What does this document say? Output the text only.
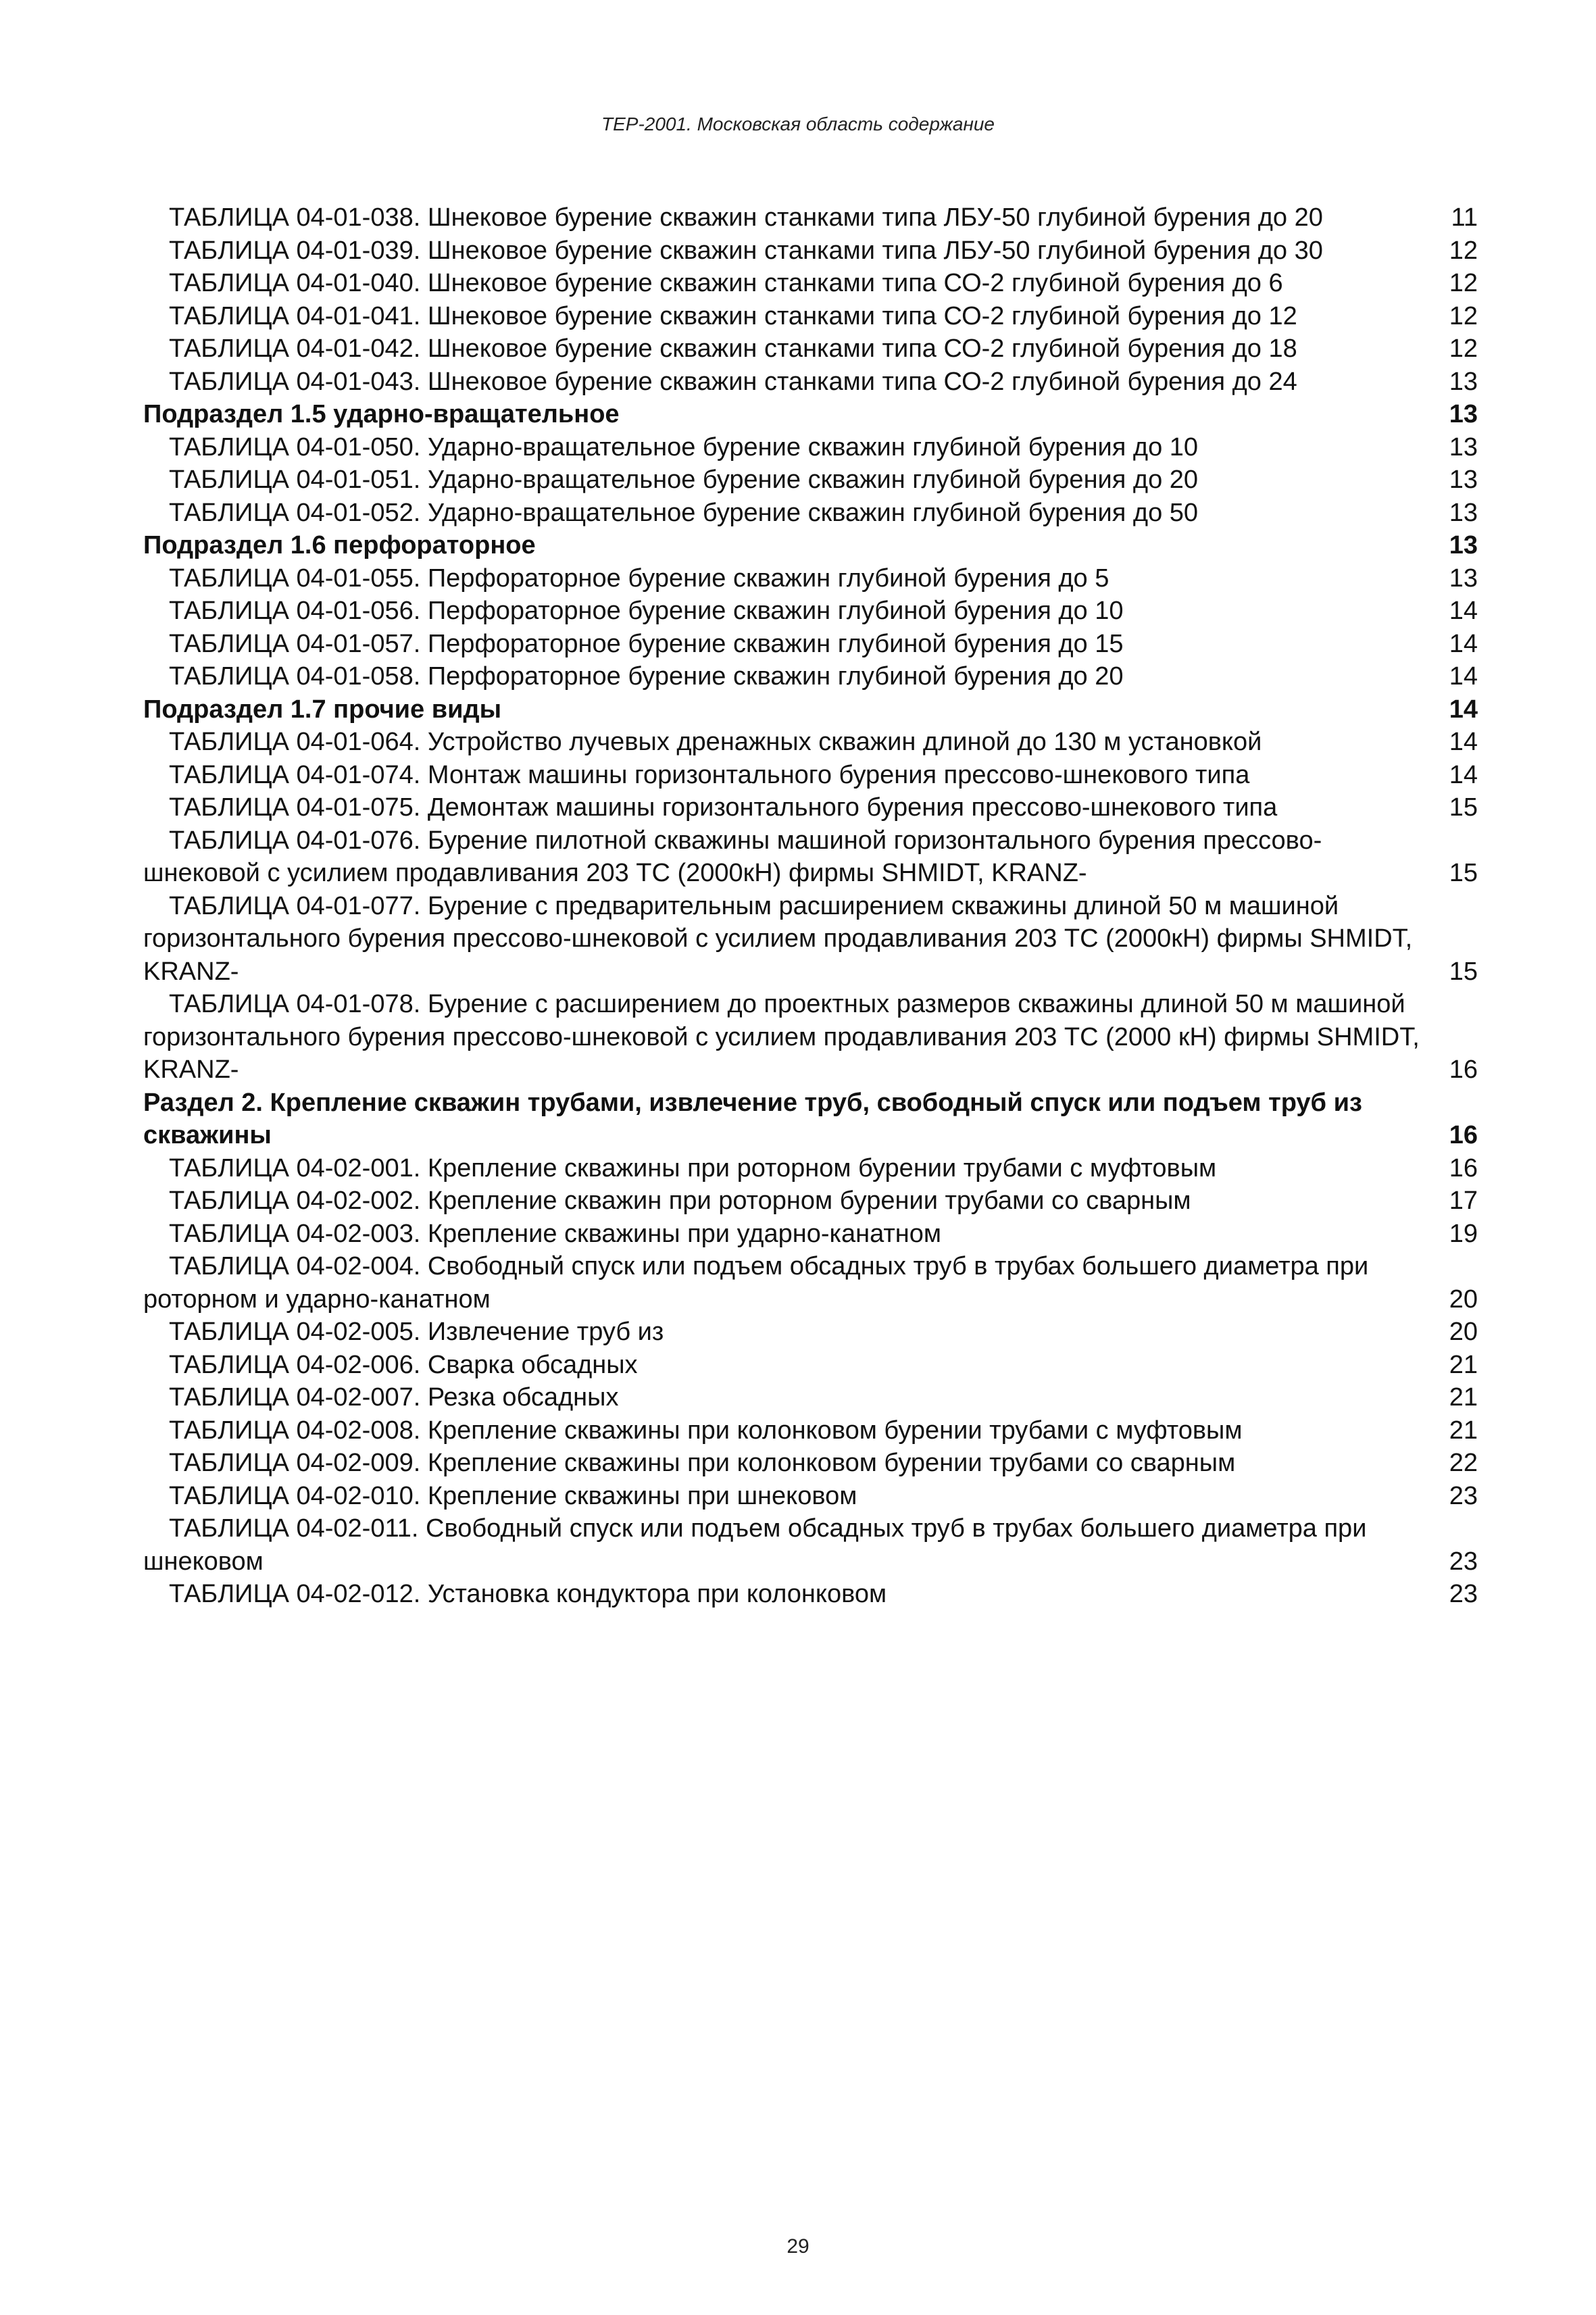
ТЕР-2001. Московская область содержание
ТАБЛИЦА 04-01-038. Шнековое бурение скважин станками типа ЛБУ-50 глубиной бурения до 20 . . .	11
ТАБЛИЦА 04-01-039. Шнековое бурение скважин станками типа ЛБУ-50 глубиной бурения до 30 . . .	12
ТАБЛИЦА 04-01-040. Шнековое бурение скважин станками типа СО-2 глубиной бурения до 6 . . .	12
ТАБЛИЦА 04-01-041. Шнековое бурение скважин станками типа СО-2 глубиной бурения до 12 . . .	12
ТАБЛИЦА 04-01-042. Шнековое бурение скважин станками типа СО-2 глубиной бурения до 18 . . .	12
ТАБЛИЦА 04-01-043. Шнековое бурение скважин станками типа СО-2 глубиной бурения до 24 . . .	13
Подраздел 1.5 ударно-вращательное . . .	13
ТАБЛИЦА 04-01-050. Ударно-вращательное бурение скважин глубиной бурения до 10 . . .	13
ТАБЛИЦА 04-01-051. Ударно-вращательное бурение скважин глубиной бурения до 20 . . .	13
ТАБЛИЦА 04-01-052. Ударно-вращательное бурение скважин глубиной бурения до 50 . . .	13
Подраздел 1.6 перфораторное . . .	13
ТАБЛИЦА 04-01-055. Перфораторное бурение скважин глубиной бурения до 5 . . .	13
ТАБЛИЦА 04-01-056. Перфораторное бурение скважин глубиной бурения до 10 . . .	14
ТАБЛИЦА 04-01-057. Перфораторное бурение скважин глубиной бурения до 15 . . .	14
ТАБЛИЦА 04-01-058. Перфораторное бурение скважин глубиной бурения до 20 . . .	14
Подраздел 1.7 прочие виды . . .	14
ТАБЛИЦА 04-01-064. Устройство лучевых дренажных скважин длиной до 130 м установкой . . .	14
ТАБЛИЦА 04-01-074. Монтаж машины горизонтального бурения прессово-шнекового типа . . .	14
ТАБЛИЦА 04-01-075. Демонтаж машины горизонтального бурения прессово-шнекового типа . . .	15
ТАБЛИЦА 04-01-076. Бурение пилотной скважины машиной горизонтального бурения прессово-шнековой с усилием продавливания 203 ТС (2000кН) фирмы SHMIDT, KRANZ- . . .	15
ТАБЛИЦА 04-01-077. Бурение с предварительным расширением скважины длиной 50 м машиной горизонтального бурения прессово-шнековой с усилием продавливания 203 ТС (2000кН) фирмы SHMIDT, KRANZ- . . .	15
ТАБЛИЦА 04-01-078. Бурение с расширением до проектных размеров скважины длиной 50 м машиной горизонтального бурения прессово-шнековой с усилием продавливания 203 ТС (2000 кН) фирмы SHMIDT, KRANZ- . . .	16
Раздел 2. Крепление скважин трубами, извлечение труб, свободный спуск или подъем труб из скважины . . .	16
ТАБЛИЦА 04-02-001. Крепление скважины при роторном бурении трубами с муфтовым . . .	16
ТАБЛИЦА 04-02-002. Крепление скважин при роторном бурении трубами со сварным . . .	17
ТАБЛИЦА 04-02-003. Крепление скважины при ударно-канатном . . .	19
ТАБЛИЦА 04-02-004. Свободный спуск или подъем обсадных труб в трубах большего диаметра при роторном и ударно-канатном . . .	20
ТАБЛИЦА 04-02-005. Извлечение труб из . . .	20
ТАБЛИЦА 04-02-006. Сварка обсадных . . .	21
ТАБЛИЦА 04-02-007. Резка обсадных . . .	21
ТАБЛИЦА 04-02-008. Крепление скважины при колонковом бурении трубами с муфтовым . . .	21
ТАБЛИЦА 04-02-009. Крепление скважины при колонковом бурении трубами со сварным . . .	22
ТАБЛИЦА 04-02-010. Крепление скважины при шнековом . . .	23
ТАБЛИЦА 04-02-011. Свободный спуск или подъем обсадных труб в трубах большего диаметра при шнековом . . .	23
ТАБЛИЦА 04-02-012. Установка кондуктора при колонковом . . .	23
29
